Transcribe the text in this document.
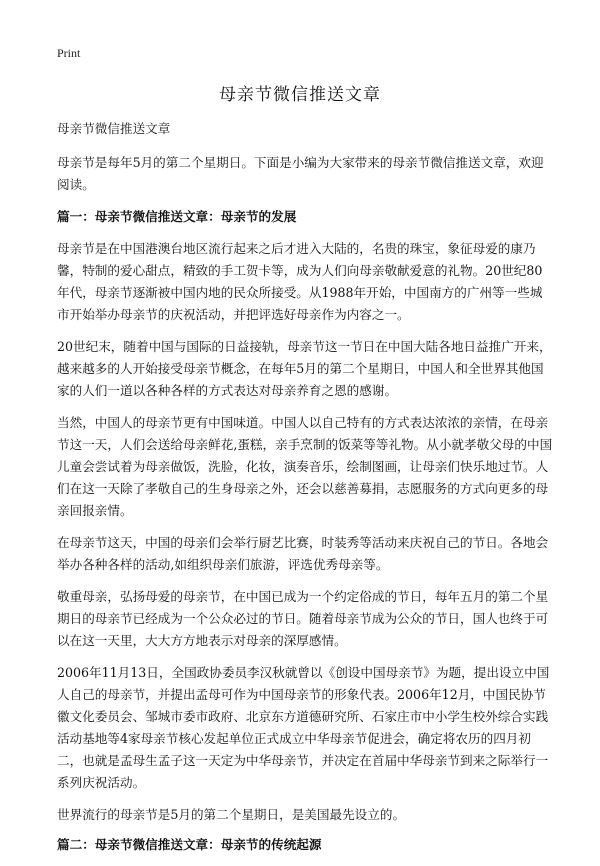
Print
母亲节微信推送文章

母亲节微信推送文章

母亲节是每年5月的第二个星期日。下面是小编为大家带来的母亲节微信推送文章，欢迎阅读。

篇一：母亲节微信推送文章：母亲节的发展

母亲节是在中国港澳台地区流行起来之后才进入大陆的，名贵的珠宝，象征母爱的康乃馨，特制的爱心甜点，精致的手工贺卡等，成为人们向母亲敬献爱意的礼物。20世纪80年代，母亲节逐渐被中国内地的民众所接受。从1988年开始，中国南方的广州等一些城市开始举办母亲节的庆祝活动，并把评选好母亲作为内容之一。

20世纪末，随着中国与国际的日益接轨，母亲节这一节日在中国大陆各地日益推广开来，越来越多的人开始接受母亲节概念，在每年5月的第二个星期日，中国人和全世界其他国家的人们一道以各种各样的方式表达对母亲养育之恩的感谢。

当然，中国人的母亲节更有中国味道。中国人以自己特有的方式表达浓浓的亲情，在母亲节这一天，人们会送给母亲鲜花,蛋糕，亲手烹制的饭菜等等礼物。从小就孝敬父母的中国儿童会尝试着为母亲做饭，洗脸，化妆，演奏音乐，绘制图画，让母亲们快乐地过节。人们在这一天除了孝敬自己的生身母亲之外，还会以慈善募捐，志愿服务的方式向更多的母亲回报亲情。

在母亲节这天，中国的母亲们会举行厨艺比赛，时装秀等活动来庆祝自己的节日。各地会举办各种各样的活动,如组织母亲们旅游，评选优秀母亲等。

敬重母亲，弘扬母爱的母亲节，在中国已成为一个约定俗成的节日，每年五月的第二个星期日的母亲节已经成为一个公众必过的节日。随着母亲节成为公众的节日，国人也终于可以在这一天里，大大方方地表示对母亲的深厚感情。

2006年11月13日，全国政协委员李汉秋就曾以《创设中国母亲节》为题，提出设立中国人自己的母亲节，并提出孟母可作为中国母亲节的形象代表。2006年12月，中国民协节徽文化委员会、邹城市委市政府、北京东方道德研究所、石家庄市中小学生校外综合实践活动基地等4家母亲节核心发起单位正式成立中华母亲节促进会，确定将农历的四月初二，也就是孟母生孟子这一天定为中华母亲节，并决定在首届中华母亲节到来之际举行一系列庆祝活动。

世界流行的母亲节是5月的第二个星期日，是美国最先设立的。

篇二：母亲节微信推送文章：母亲节的传统起源
